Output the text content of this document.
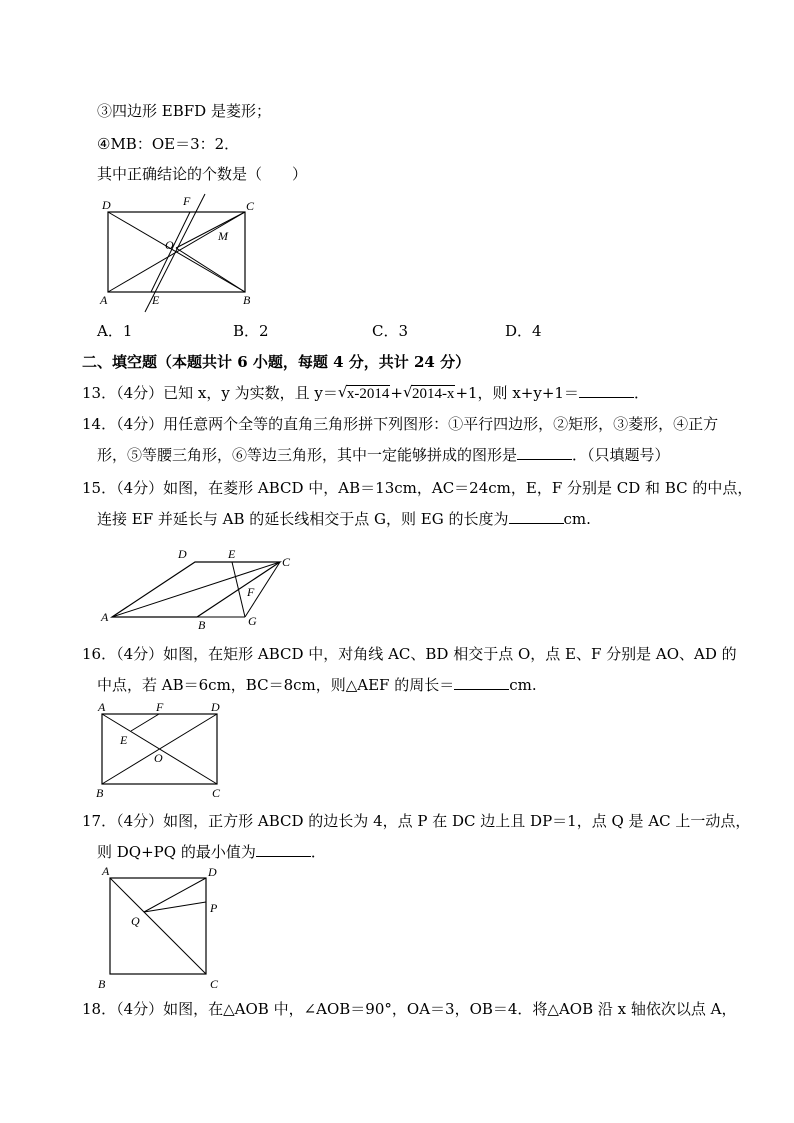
③四边形 EBFD 是菱形；
④MB：OE＝3：2．
其中正确结论的个数是（　　）
D	F	C
O
M
A	E	B
A．1	B．2	C．3	D．4
二、填空题（本题共计 6 小题，每题 4 分，共计 24 分）
13．（4分）已知 x，y 为实数，且 y＝ √ x-2014+ √ 2014-x+1，则 x+y+1＝	．
14．（4分）用任意两个全等的直角三角形拼下列图形：①平行四边形，②矩形，③菱形，④正方
形，⑤等腰三角形，⑥等边三角形，其中一定能够拼成的图形是	．（只填题号）
15．（4分）如图，在菱形 ABCD 中，AB＝13cm，AC＝24cm，E，F 分别是 CD 和 BC 的中点，
连接 EF 并延长与 AB 的延长线相交于点 G，则 EG 的长度为	cm.
D	E
C
F
A
B	G
16．（4分）如图，在矩形 ABCD 中，对角线 AC、BD 相交于点 O，点 E、F 分别是 AO、AD 的
中点，若 AB＝6cm，BC＝8cm，则△AEF 的周长＝	cm.
A	F	D
E
O
B	C
17．（4分）如图，正方形 ABCD 的边长为 4，点 P 在 DC 边上且 DP＝1，点 Q 是 AC 上一动点，
则 DQ+PQ 的最小值为	．
A	D
P
Q
B	C
18．（4分）如图，在△AOB 中，∠AOB＝90°，OA＝3，OB＝4．将△AOB 沿 x 轴依次以点 A，
